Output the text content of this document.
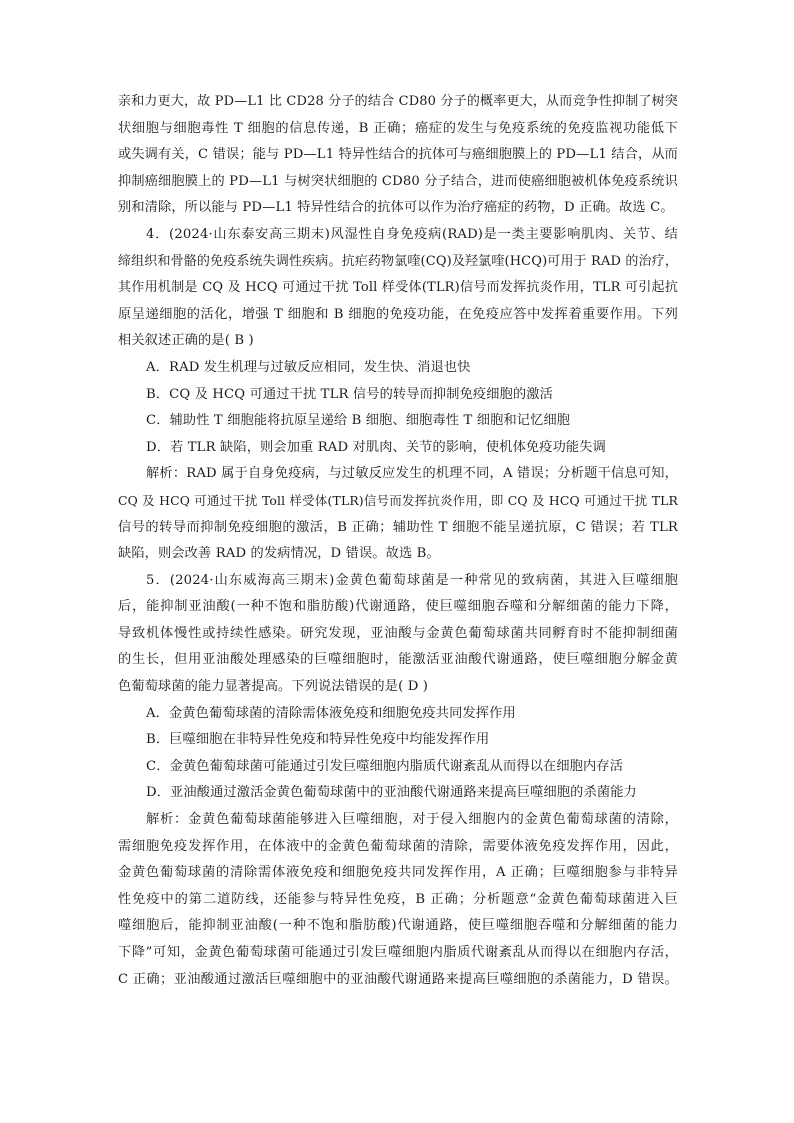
亲和力更大，故 PD—L1 比 CD28 分子的结合 CD80 分子的概率更大，从而竞争性抑制了树突
状细胞与细胞毒性 T 细胞的信息传递，B 正确；癌症的发生与免疫系统的免疫监视功能低下
或失调有关，C 错误；能与 PD—L1 特异性结合的抗体可与癌细胞膜上的 PD—L1 结合，从而
抑制癌细胞膜上的 PD—L1 与树突状细胞的 CD80 分子结合，进而使癌细胞被机体免疫系统识
别和清除，所以能与 PD—L1 特异性结合的抗体可以作为治疗癌症的药物，D 正确。故选 C。
4．(2024·山东泰安高三期末)风湿性自身免疫病(RAD)是一类主要影响肌肉、关节、结
缔组织和骨骼的免疫系统失调性疾病。抗疟药物氯喹(CQ)及羟氯喹(HCQ)可用于 RAD 的治疗，
其作用机制是 CQ 及 HCQ 可通过干扰 Toll 样受体(TLR)信号而发挥抗炎作用，TLR 可引起抗
原呈递细胞的活化，增强 T 细胞和 B 细胞的免疫功能，在免疫应答中发挥着重要作用。下列
相关叙述正确的是( B )
A．RAD 发生机理与过敏反应相同，发生快、消退也快
B．CQ 及 HCQ 可通过干扰 TLR 信号的转导而抑制免疫细胞的激活
C．辅助性 T 细胞能将抗原呈递给 B 细胞、细胞毒性 T 细胞和记忆细胞
D．若 TLR 缺陷，则会加重 RAD 对肌肉、关节的影响，使机体免疫功能失调
解析：RAD 属于自身免疫病，与过敏反应发生的机理不同，A 错误；分析题干信息可知，
CQ 及 HCQ 可通过干扰 Toll 样受体(TLR)信号而发挥抗炎作用，即 CQ 及 HCQ 可通过干扰 TLR
信号的转导而抑制免疫细胞的激活，B 正确；辅助性 T 细胞不能呈递抗原，C 错误；若 TLR
缺陷，则会改善 RAD 的发病情况，D 错误。故选 B。
5．(2024·山东威海高三期末)金黄色葡萄球菌是一种常见的致病菌，其进入巨噬细胞
后，能抑制亚油酸(一种不饱和脂肪酸)代谢通路，使巨噬细胞吞噬和分解细菌的能力下降，
导致机体慢性或持续性感染。研究发现，亚油酸与金黄色葡萄球菌共同孵育时不能抑制细菌
的生长，但用亚油酸处理感染的巨噬细胞时，能激活亚油酸代谢通路，使巨噬细胞分解金黄
色葡萄球菌的能力显著提高。下列说法错误的是( D )
A．金黄色葡萄球菌的清除需体液免疫和细胞免疫共同发挥作用
B．巨噬细胞在非特异性免疫和特异性免疫中均能发挥作用
C．金黄色葡萄球菌可能通过引发巨噬细胞内脂质代谢紊乱从而得以在细胞内存活
D．亚油酸通过激活金黄色葡萄球菌中的亚油酸代谢通路来提高巨噬细胞的杀菌能力
解析：金黄色葡萄球菌能够进入巨噬细胞，对于侵入细胞内的金黄色葡萄球菌的清除，
需细胞免疫发挥作用，在体液中的金黄色葡萄球菌的清除，需要体液免疫发挥作用，因此，
金黄色葡萄球菌的清除需体液免疫和细胞免疫共同发挥作用，A 正确；巨噬细胞参与非特异
性免疫中的第二道防线，还能参与特异性免疫，B 正确；分析题意“金黄色葡萄球菌进入巨
噬细胞后，能抑制亚油酸(一种不饱和脂肪酸)代谢通路，使巨噬细胞吞噬和分解细菌的能力
下降”可知，金黄色葡萄球菌可能通过引发巨噬细胞内脂质代谢紊乱从而得以在细胞内存活，
C 正确；亚油酸通过激活巨噬细胞中的亚油酸代谢通路来提高巨噬细胞的杀菌能力，D 错误。
